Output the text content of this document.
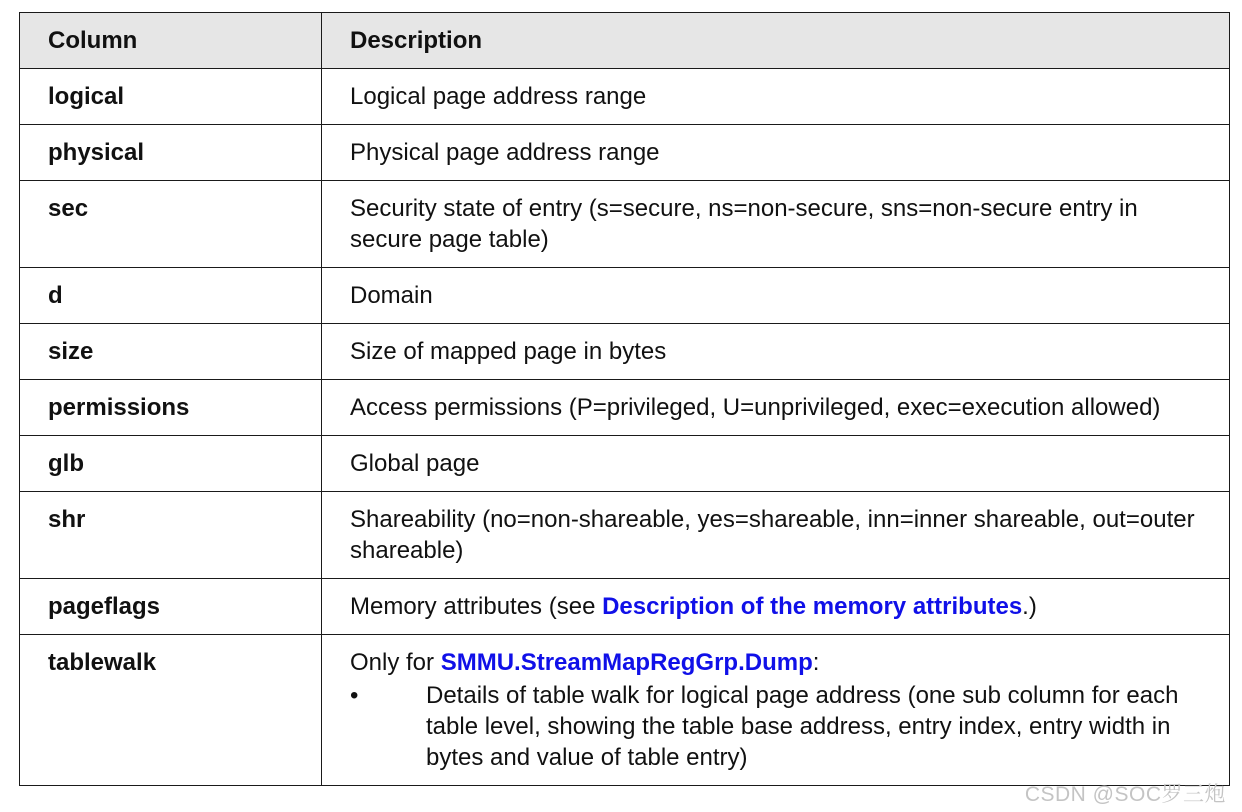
Column	Description
logical	Logical page address range
physical	Physical page address range
sec	Security state of entry (s=secure, ns=non-secure, sns=non-secure entry in secure page table)
d	Domain
size	Size of mapped page in bytes
permissions	Access permissions (P=privileged, U=unprivileged, exec=execution allowed)
glb	Global page
shr	Shareability (no=non-shareable, yes=shareable, inn=inner shareable, out=outer shareable)
pageflags	Memory attributes (see Description of the memory attributes.)
tablewalk	Only for SMMU.StreamMapRegGrp.Dump:
• Details of table walk for logical page address (one sub column for each table level, showing the table base address, entry index, entry width in bytes and value of table entry)
CSDN @SOC罗三炮
